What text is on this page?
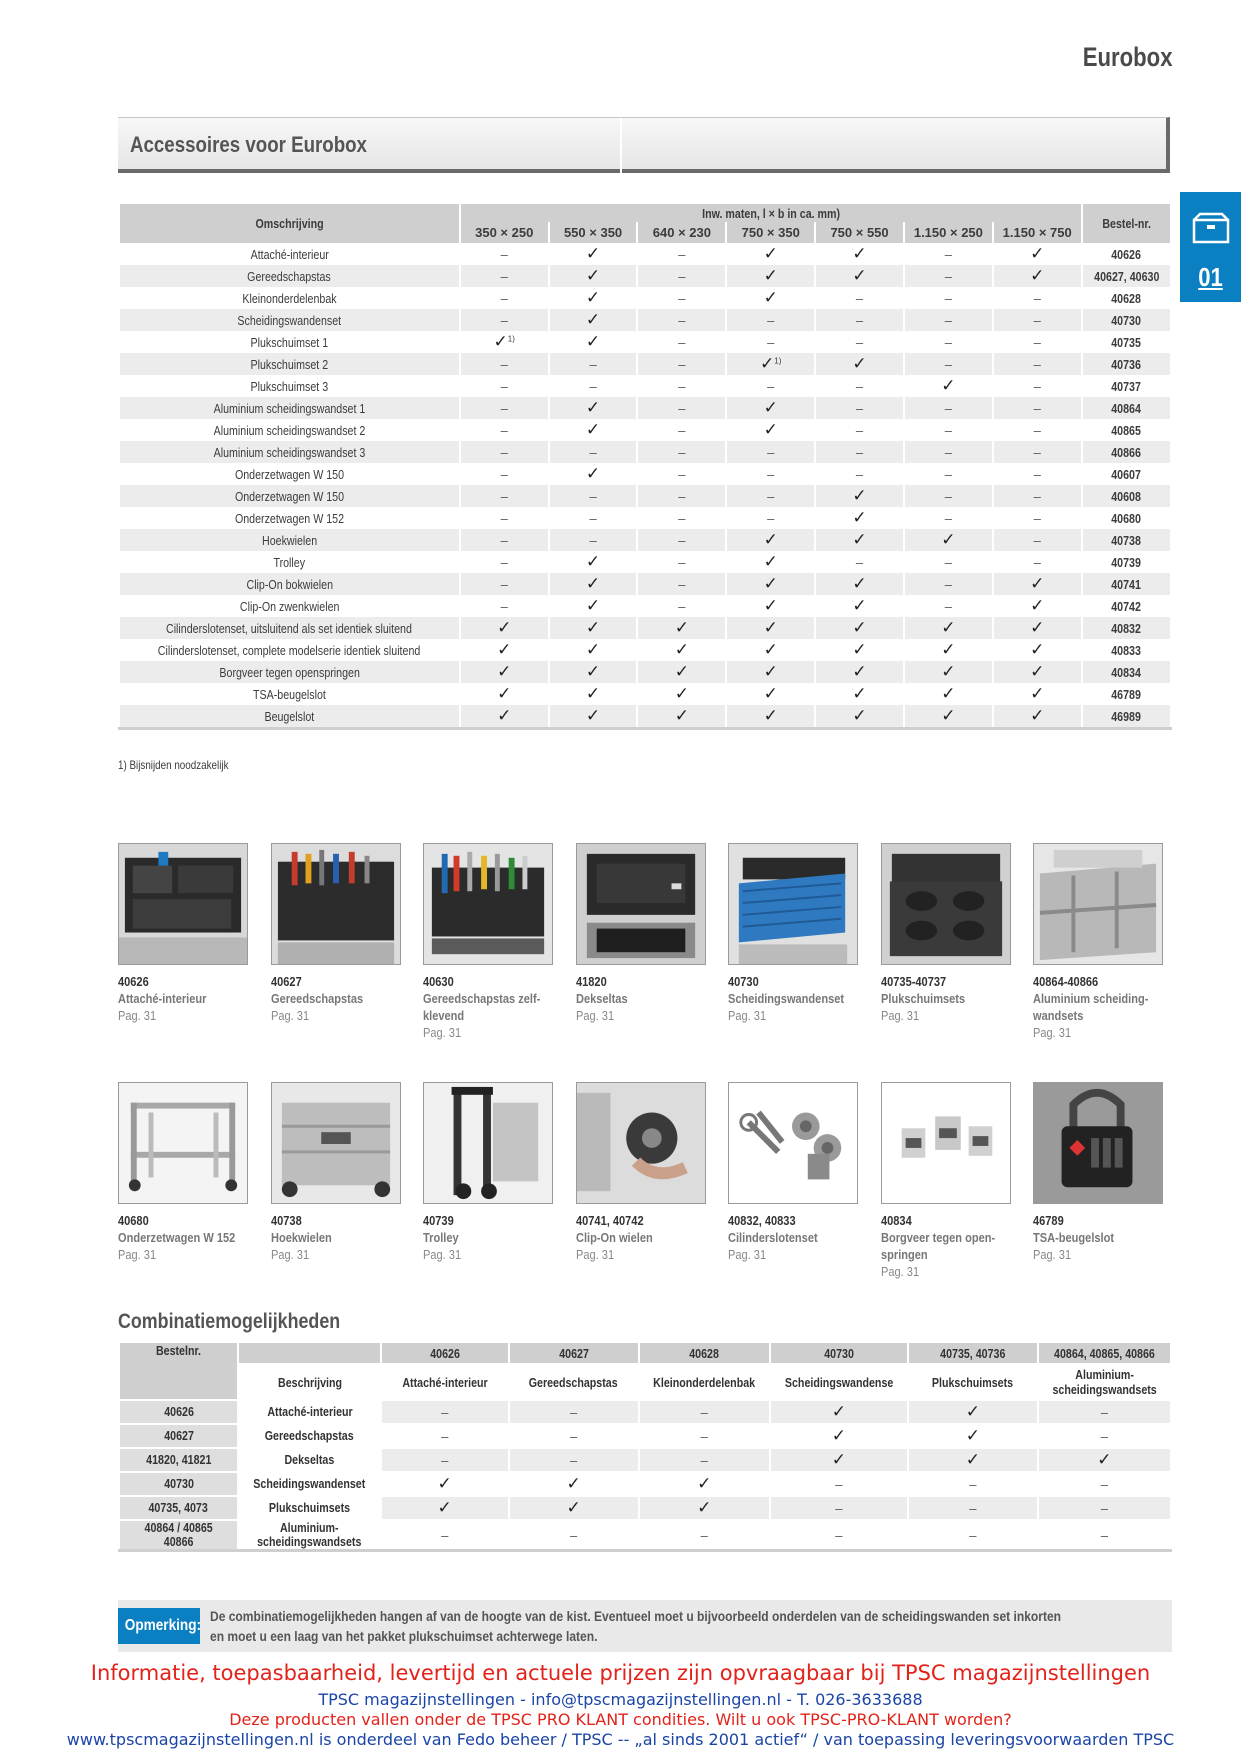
Eurobox
Accessoires voor Eurobox
01
Omschrijving	Inw. maten, l × b in ca. mm)							Bestel-nr.
	350 × 250	550 × 350	640 × 230	750 × 350	750 × 550	1.150 × 250	1.150 × 750	
Attaché-interieur	–	✓	–	✓	✓	–	✓	40626
Gereedschapstas	–	✓	–	✓	✓	–	✓	40627, 40630
Kleinonderdelenbak	–	✓	–	✓	–	–	–	40628
Scheidingswandenset	–	✓	–	–	–	–	–	40730
Plukschuimset 1	✓$^{1)}$	✓	–	–	–	–	–	40735
Plukschuimset 2	–	–	–	✓$^{1)}$	✓	–	–	40736
Plukschuimset 3	–	–	–	–	–	✓	–	40737
Aluminium scheidingswandset 1	–	✓	–	✓	–	–	–	40864
Aluminium scheidingswandset 2	–	✓	–	✓	–	–	–	40865
Aluminium scheidingswandset 3	–	–	–	–	–	–	–	40866
Onderzetwagen W 150	–	✓	–	–	–	–	–	40607
Onderzetwagen W 150	–	–	–	–	✓	–	–	40608
Onderzetwagen W 152	–	–	–	–	✓	–	–	40680
Hoekwielen	–	–	–	✓	✓	✓	–	40738
Trolley	–	✓	–	✓	–	–	–	40739
Clip-On bokwielen	–	✓	–	✓	✓	–	✓	40741
Clip-On zwenkwielen	–	✓	–	✓	✓	–	✓	40742
Cilinderslotenset, uitsluitend als set identiek sluitend	✓	✓	✓	✓	✓	✓	✓	40832
Cilinderslotenset, complete modelserie identiek sluitend	✓	✓	✓	✓	✓	✓	✓	40833
Borgveer tegen openspringen	✓	✓	✓	✓	✓	✓	✓	40834
TSA-beugelslot	✓	✓	✓	✓	✓	✓	✓	46789
Beugelslot	✓	✓	✓	✓	✓	✓	✓	46989
1) Bijsnijden noodzakelijk
40626
Attaché-interieur
Pag. 31
40627
Gereedschapstas
Pag. 31
40630
Gereedschapstas zelf-klevend
Pag. 31
41820
Dekseltas
Pag. 31
40730
Scheidingswandenset
Pag. 31
40735-40737
Plukschuimsets
Pag. 31
40864-40866
Aluminium scheiding-wandsets
Pag. 31
40680
Onderzetwagen W 152
Pag. 31
40738
Hoekwielen
Pag. 31
40739
Trolley
Pag. 31
40741, 40742
Clip-On wielen
Pag. 31
40832, 40833
Cilinderslotenset
Pag. 31
40834
Borgveer tegen open-springen
Pag. 31
46789
TSA-beugelslot
Pag. 31
Combinatiemogelijkheden
Bestelnr.		40626	40627	40628	40730	40735, 40736	40864, 40865, 40866
	Beschrijving	Attaché-interieur	Gereedschapstas	Kleinonderdelenbak	Scheidingswandense	Plukschuimsets	Aluminium-scheidingswandsets
40626	Attaché-interieur	–	–	–	✓	✓	–
40627	Gereedschapstas	–	–	–	✓	✓	–
41820, 41821	Dekseltas	–	–	–	✓	✓	✓
40730	Scheidingswandenset	✓	✓	✓	–	–	–
40735, 4073	Plukschuimsets	✓	✓	✓	–	–	–
40864 / 40865 40866	Aluminium-scheidingswandsets	–	–	–	–	–	–
Opmerking:
De combinatiemogelijkheden hangen af van de hoogte van de kist. Eventueel moet u bijvoorbeeld onderdelen van de scheidingswanden set inkorten en moet u een laag van het pakket plukschuimset achterwege laten.
Informatie, toepasbaarheid, levertijd en actuele prijzen zijn opvraagbaar bij TPSC magazijnstellingen
TPSC magazijnstellingen - info@tpscmagazijnstellingen.nl - T. 026-3633688
Deze producten vallen onder de TPSC PRO KLANT condities. Wilt u ook TPSC-PRO-KLANT worden?
www.tpscmagazijnstellingen.nl is onderdeel van Fedo beheer / TPSC -- „al sinds 2001 actief“ / van toepassing leveringsvoorwaarden TPSC
